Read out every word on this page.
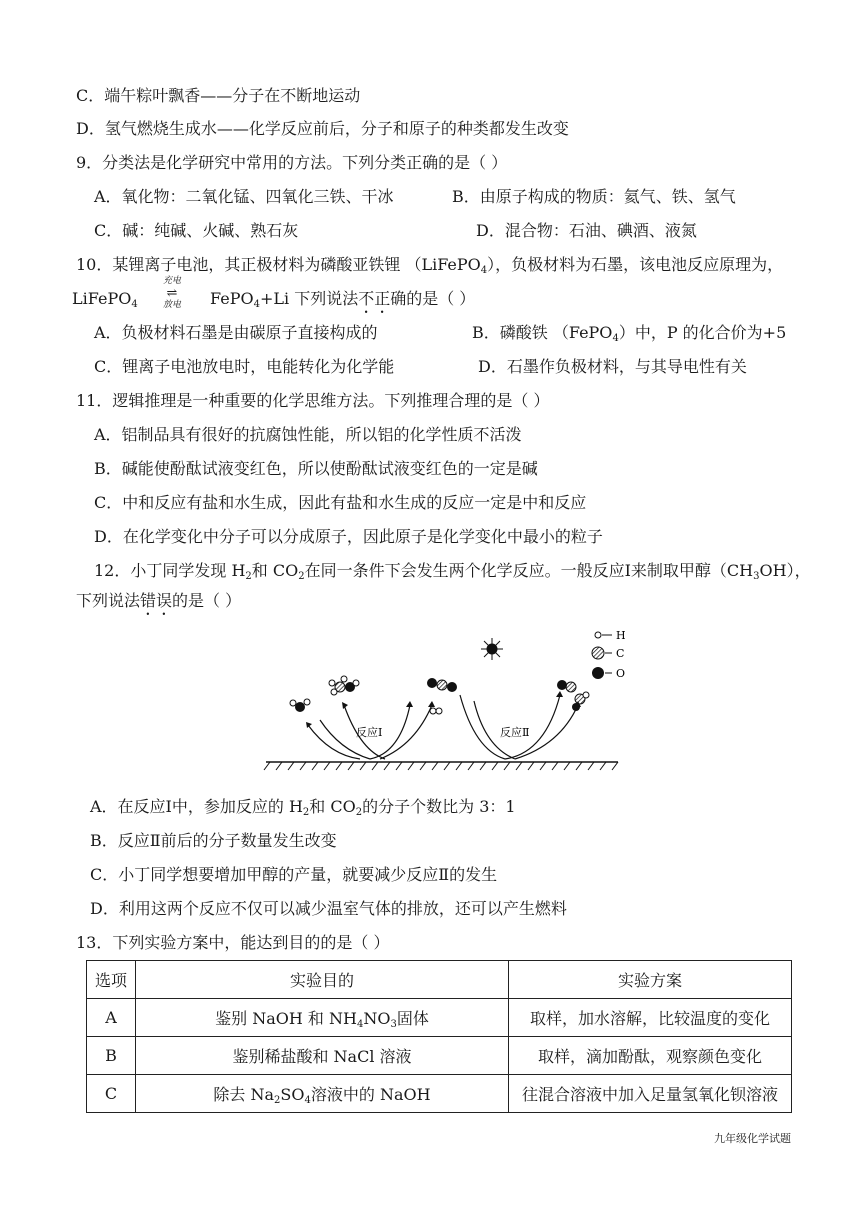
C．端午粽叶飘香——分子在不断地运动
D．氢气燃烧生成水——化学反应前后，分子和原子的种类都发生改变
9．分类法是化学研究中常用的方法。下列分类正确的是（ ）
A．氧化物：二氧化锰、四氧化三铁、干冰	B．由原子构成的物质：氦气、铁、氢气
C．碱：纯碱、火碱、熟石灰	D．混合物：石油、碘酒、液氮
10．某锂离子电池，其正极材料为磷酸亚铁锂 （LiFePO$_4$），负极材料为石墨，该电池反应原理为，
LiFePO$_4$
充电
⇌
放电	FePO$_4$+Li 下列说法不正确的是（ ）
A．负极材料石墨是由碳原子直接构成的	B．磷酸铁 （FePO$_4$）中，P 的化合价为+5
C．锂离子电池放电时，电能转化为化学能	D．石墨作负极材料，与其导电性有关
11．逻辑推理是一种重要的化学思维方法。下列推理合理的是（ ）
A．铝制品具有很好的抗腐蚀性能，所以铝的化学性质不活泼
B．碱能使酚酞试液变红色，所以使酚酞试液变红色的一定是碱
C．中和反应有盐和水生成，因此有盐和水生成的反应一定是中和反应
D．在化学变化中分子可以分成原子，因此原子是化学变化中最小的粒子
12．小丁同学发现 $H_2$和 $CO_2$在同一条件下会发生两个化学反应。一般反应Ⅰ来制取甲醇$(CH_3OH)$，
下列说法错误的是（ ）
反应Ⅰ	反应Ⅱ
H
C
O
A．在反应Ⅰ中，参加反应的 $H_2$和 $CO_2$的分子个数比为 3：1
B．反应Ⅱ前后的分子数量发生改变
C．小丁同学想要增加甲醇的产量，就要减少反应Ⅱ的发生
D．利用这两个反应不仅可以减少温室气体的排放，还可以产生燃料
13．下列实验方案中，能达到目的的是（ ）
选项	实验目的	实验方案
A	鉴别 NaOH 和 $NH_4NO_3$固体	取样，加水溶解，比较温度的变化
B	鉴别稀盐酸和 NaCl 溶液	取样，滴加酚酞，观察颜色变化
C	除去 $Na_2SO_4$溶液中的 NaOH	往混合溶液中加入足量氢氧化钡溶液
九年级化学试题
